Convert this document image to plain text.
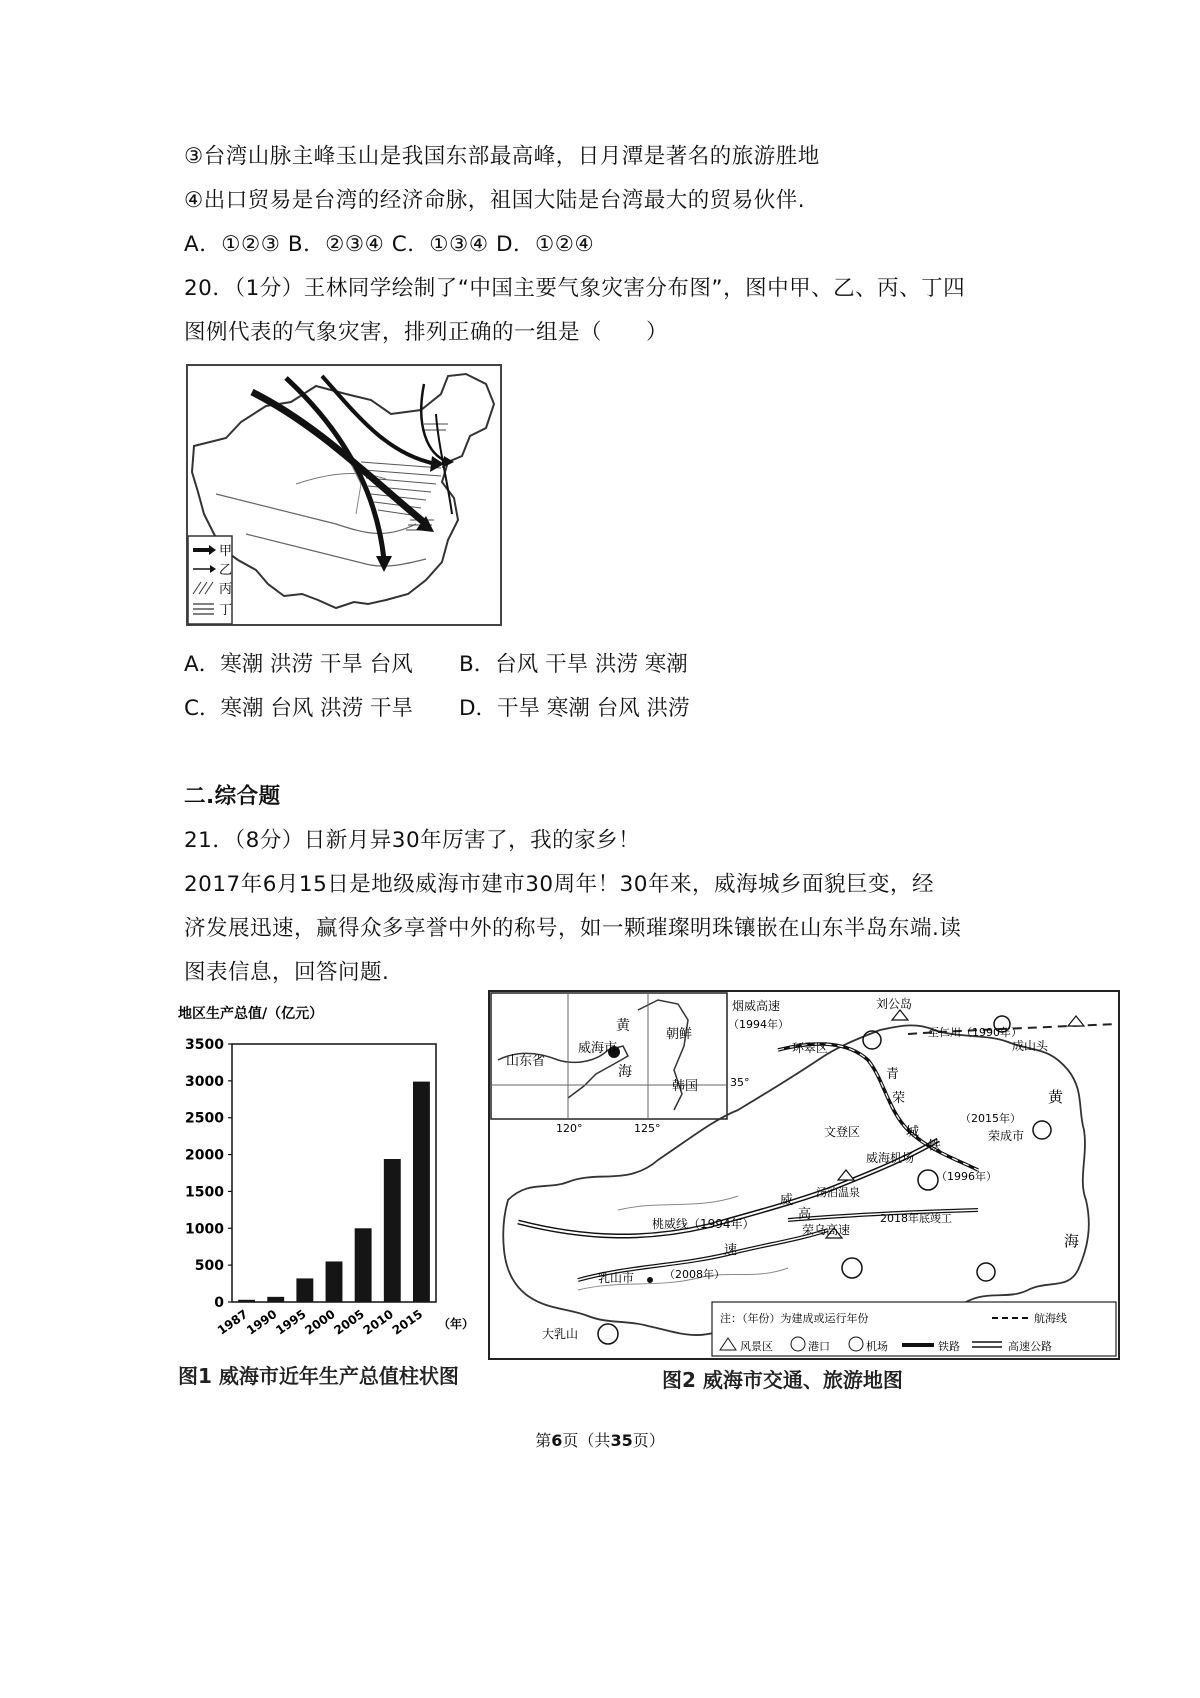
③台湾山脉主峰玉山是我国东部最高峰，日月潭是著名的旅游胜地
④出口贸易是台湾的经济命脉，祖国大陆是台湾最大的贸易伙伴.
A．①②③ B．②③④ C．①③④ D．①②④
20．（1分）王林同学绘制了“中国主要气象灾害分布图”，图中甲、乙、丙、丁四
图例代表的气象灾害，排列正确的一组是（　　）
甲
乙
丙
丁
A．寒潮 洪涝 干旱 台风 B．台风 干旱 洪涝 寒潮
C．寒潮 台风 洪涝 干旱 D．干旱 寒潮 台风 洪涝
二.综合题
21．（8分）日新月异30年厉害了，我的家乡！
2017年6月15日是地级威海市建市30周年！30年来，威海城乡面貌巨变，经
济发展迅速，赢得众多享誉中外的称号，如一颗璀璨明珠镶嵌在山东半岛东端.读
图表信息，回答问题.
地区生产总值/（亿元）
0
500
1000
1500
2000
2500
3000
3500
1987
1990
1995
2000
2005
2010
2015 （年）
图1 威海市近年生产总值柱状图
山东省
威海市
黄
海
朝鲜
韩国	35°
120°	125°
烟威高速
（1994年）
刘公岛
至仁川（1990年）
环翠区	成山头
黄
海
文登区
汤泊温泉
威海机场
荣成市
（2015年）
（1996年）
桃威线（1994年）	荣乌高速
2018年底竣工
乳山市	（2008年）
大乳山
青
荣
城
铁
威
高
速
注：（年份）为建成或运行年份	航海线
风景区	港口	机场	铁路	高速公路
图2 威海市交通、旅游地图
第6页（共35页）
